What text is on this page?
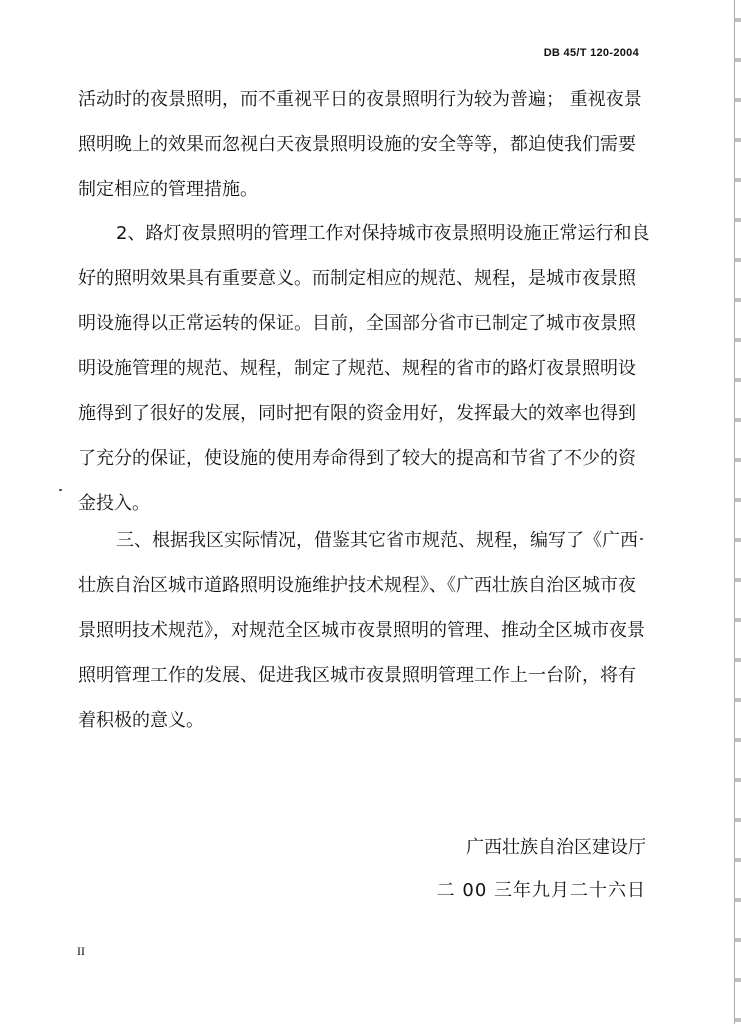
DB 45/T 120-2004
活动时的夜景照明，而不重视平日的夜景照明行为较为普遍； 重视夜景
照明晚上的效果而忽视白天夜景照明设施的安全等等，都迫使我们需要
制定相应的管理措施。
2、路灯夜景照明的管理工作对保持城市夜景照明设施正常运行和良
好的照明效果具有重要意义。而制定相应的规范、规程，是城市夜景照
明设施得以正常运转的保证。目前，全国部分省市已制定了城市夜景照
明设施管理的规范、规程，制定了规范、规程的省市的路灯夜景照明设
施得到了很好的发展，同时把有限的资金用好，发挥最大的效率也得到
了充分的保证，使设施的使用寿命得到了较大的提高和节省了不少的资
金投入。
三、根据我区实际情况，借鉴其它省市规范、规程，编写了《广西
壮族自治区城市道路照明设施维护技术规程》、《广西壮族自治区城市夜
景照明技术规范》，对规范全区城市夜景照明的管理、推动全区城市夜景
照明管理工作的发展、促进我区城市夜景照明管理工作上一台阶，将有
着积极的意义。
广西壮族自治区建设厅
二 00 三年九月二十六日
II
